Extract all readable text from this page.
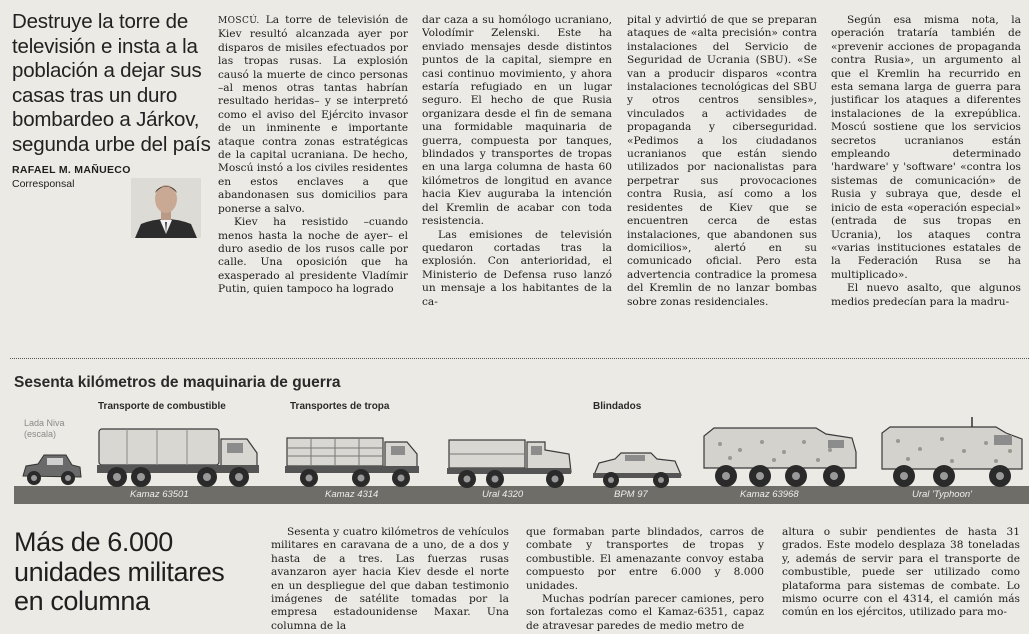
Destruye la torre de televisión e insta a la población a dejar sus casas tras un duro bombardeo a Járkov, segunda urbe del país
RAFAEL M. MAÑUECO
Corresponsal

MOSCÚ. La torre de televisión de Kiev resultó alcanzada ayer por disparos de misiles efectuados por las tropas rusas. La explosión causó la muerte de cinco personas –al menos otras tantas habrían resultado heridas– y se interpretó como el aviso del Ejército invasor de un inminente e importante ataque contra zonas estratégicas de la capital ucraniana. De hecho, Moscú instó a los civiles residentes en estos enclaves a que abandonasen sus domicilios para ponerse a salvo.

Kiev ha resistido –cuando menos hasta la noche de ayer– el duro asedio de los rusos calle por calle. Una oposición que ha exasperado al presidente Vladímir Putin, quien tampoco ha logrado

dar caza a su homólogo ucraniano, Volodímir Zelenski. Este ha enviado mensajes desde distintos puntos de la capital, siempre en casi continuo movimiento, y ahora estaría refugiado en un lugar seguro. El hecho de que Rusia organizara desde el fin de semana una formidable maquinaria de guerra, compuesta por tanques, blindados y transportes de tropas en una larga columna de hasta 60 kilómetros de longitud en avance hacia Kiev auguraba la intención del Kremlin de acabar con toda resistencia.

Las emisiones de televisión quedaron cortadas tras la explosión. Con anterioridad, el Ministerio de Defensa ruso lanzó un mensaje a los habitantes de la ca-

pital y advirtió de que se preparan ataques de «alta precisión» contra instalaciones del Servicio de Seguridad de Ucrania (SBU). «Se van a producir disparos «contra instalaciones tecnológicas del SBU y otros centros sensibles», vinculados a actividades de propaganda y ciberseguridad. «Pedimos a los ciudadanos ucranianos que están siendo utilizados por nacionalistas para perpetrar sus provocaciones contra Rusia, así como a los residentes de Kiev que se encuentren cerca de estas instalaciones, que abandonen sus domicilios», alertó en su comunicado oficial. Pero esta advertencia contradice la promesa del Kremlin de no lanzar bombas sobre zonas residenciales.

Según esa misma nota, la operación trataría también de «prevenir acciones de propaganda contra Rusia», un argumento al que el Kremlin ha recurrido en esta semana larga de guerra para justificar los ataques a diferentes instalaciones de la exrepública. Moscú sostiene que los servicios secretos ucranianos están empleando determinado 'hardware' y 'software' «contra los sistemas de comunicación» de Rusia y subraya que, desde el inicio de esta «operación especial» (entrada de sus tropas en Ucrania), los ataques contra «varias instituciones estatales de la Federación Rusa se ha multiplicado».

El nuevo asalto, que algunos medios predecían para la madru-

Sesenta kilómetros de maquinaria de guerra
Transporte de combustible	Transportes de tropa	Blindados
Lada Niva (escala)
Kamaz 63501	Kamaz 4314	Ural 4320	BPM 97	Kamaz 63968	Ural 'Typhoon'
Más de 6.000 unidades militares en columna

Sesenta y cuatro kilómetros de vehículos militares en caravana de a uno, de a dos y hasta de a tres. Las fuerzas rusas avanzaron ayer hacia Kiev desde el norte en un despliegue del que daban testimonio imágenes de satélite tomadas por la empresa estadounidense Maxar. Una columna de la

que formaban parte blindados, carros de combate y transportes de tropas y combustible. El amenazante convoy estaba compuesto por entre 6.000 y 8.000 unidades.

Muchas podrían parecer camiones, pero son fortalezas como el Kamaz-6351, capaz de atravesar paredes de medio metro de

altura o subir pendientes de hasta 31 grados. Este modelo desplaza 38 toneladas y, además de servir para el transporte de combustible, puede ser utilizado como plataforma para sistemas de combate. Lo mismo ocurre con el 4314, el camión más común en los ejércitos, utilizado para mo-
